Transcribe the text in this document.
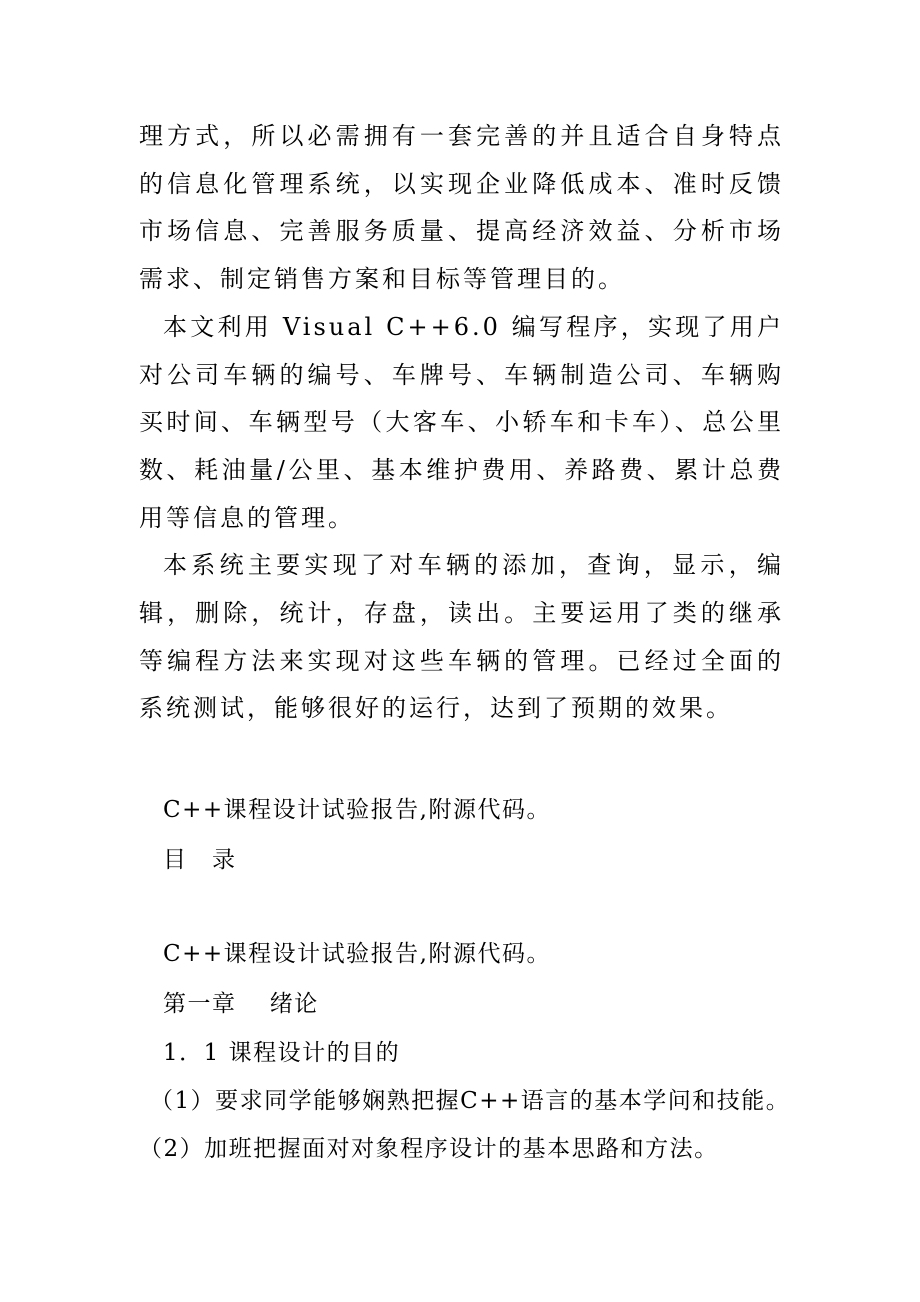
理方式，所以必需拥有一套完善的并且适合自身特点的信息化管理系统，以实现企业降低成本、准时反馈市场信息、完善服务质量、提高经济效益、分析市场需求、制定销售方案和目标等管理目的。

本文利用 Visual C++6.0 编写程序，实现了用户对公司车辆的编号、车牌号、车辆制造公司、车辆购买时间、车辆型号（大客车、小轿车和卡车）、总公里数、耗油量/公里、基本维护费用、养路费、累计总费用等信息的管理。

本系统主要实现了对车辆的添加，查询，显示，编辑，删除，统计，存盘，读出。主要运用了类的继承等编程方法来实现对这些车辆的管理。已经过全面的系统测试，能够很好的运行，达到了预期的效果。

C++课程设计试验报告,附源代码。

目　录

C++课程设计试验报告,附源代码。

第一章　 绪论

1．1 课程设计的目的

（1）要求同学能够娴熟把握C++语言的基本学问和技能。

（2）加班把握面对对象程序设计的基本思路和方法。
